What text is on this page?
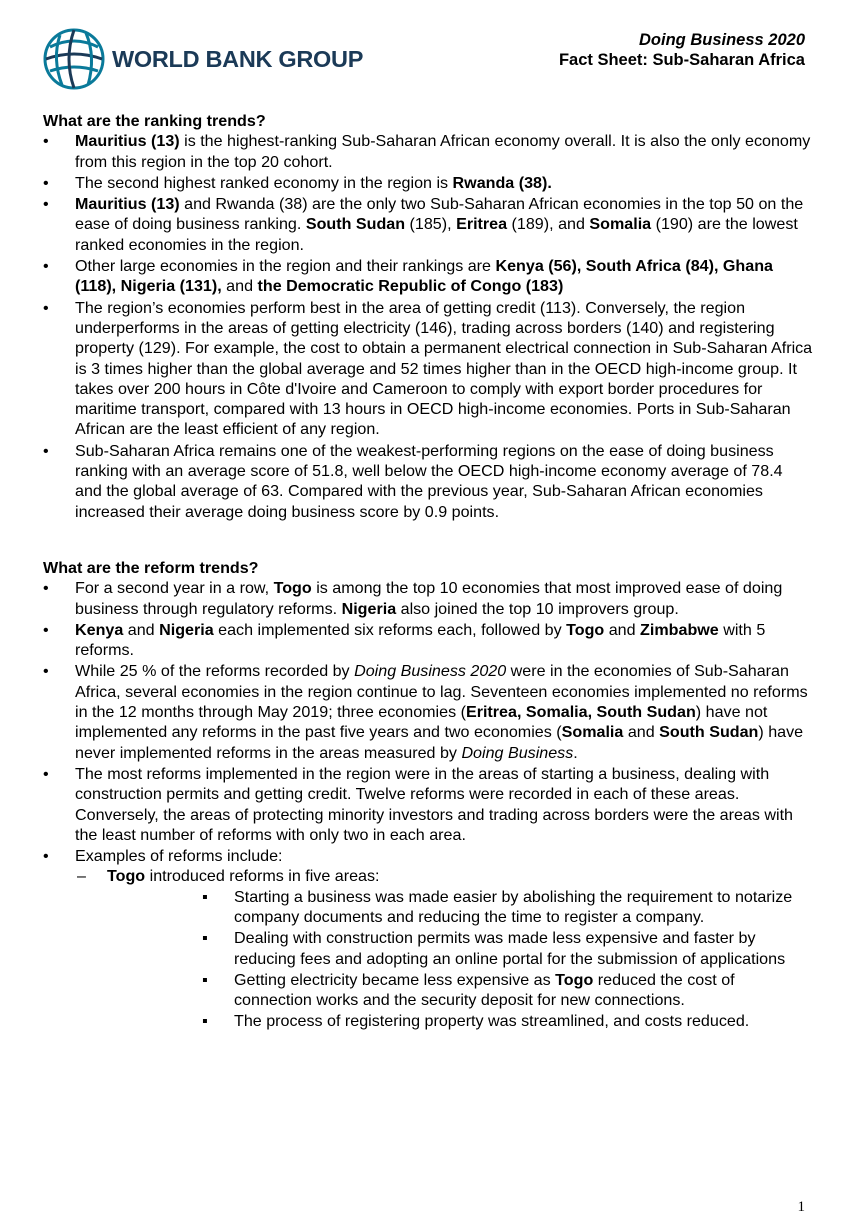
WORLD BANK GROUP
Doing Business 2020
Fact Sheet: Sub-Saharan Africa
What are the ranking trends?
• Mauritius (13) is the highest-ranking Sub-Saharan African economy overall. It is also the only economy from this region in the top 20 cohort.
• The second highest ranked economy in the region is Rwanda (38).
• Mauritius (13) and Rwanda (38) are the only two Sub-Saharan African economies in the top 50 on the ease of doing business ranking. South Sudan (185), Eritrea (189), and Somalia (190) are the lowest ranked economies in the region.
• Other large economies in the region and their rankings are Kenya (56), South Africa (84), Ghana (118), Nigeria (131), and the Democratic Republic of Congo (183)
• The region’s economies perform best in the area of getting credit (113). Conversely, the region underperforms in the areas of getting electricity (146), trading across borders (140) and registering property (129). For example, the cost to obtain a permanent electrical connection in Sub-Saharan Africa is 3 times higher than the global average and 52 times higher than in the OECD high-income group. It takes over 200 hours in Côte d'Ivoire and Cameroon to comply with export border procedures for maritime transport, compared with 13 hours in OECD high-income economies. Ports in Sub-Saharan African are the least efficient of any region.
• Sub-Saharan Africa remains one of the weakest-performing regions on the ease of doing business ranking with an average score of 51.8, well below the OECD high-income economy average of 78.4 and the global average of 63. Compared with the previous year, Sub-Saharan African economies increased their average doing business score by 0.9 points.
What are the reform trends?
• For a second year in a row, Togo is among the top 10 economies that most improved ease of doing business through regulatory reforms. Nigeria also joined the top 10 improvers group.
• Kenya and Nigeria each implemented six reforms each, followed by Togo and Zimbabwe with 5 reforms.
• While 25 % of the reforms recorded by Doing Business 2020 were in the economies of Sub-Saharan Africa, several economies in the region continue to lag. Seventeen economies implemented no reforms in the 12 months through May 2019; three economies (Eritrea, Somalia, South Sudan) have not implemented any reforms in the past five years and two economies (Somalia and South Sudan) have never implemented reforms in the areas measured by Doing Business.
• The most reforms implemented in the region were in the areas of starting a business, dealing with construction permits and getting credit. Twelve reforms were recorded in each of these areas. Conversely, the areas of protecting minority investors and trading across borders were the areas with the least number of reforms with only two in each area.
• Examples of reforms include:
– Togo introduced reforms in five areas:
▪ Starting a business was made easier by abolishing the requirement to notarize company documents and reducing the time to register a company.
▪ Dealing with construction permits was made less expensive and faster by reducing fees and adopting an online portal for the submission of applications
▪ Getting electricity became less expensive as Togo reduced the cost of connection works and the security deposit for new connections.
▪ The process of registering property was streamlined, and costs reduced.
1
